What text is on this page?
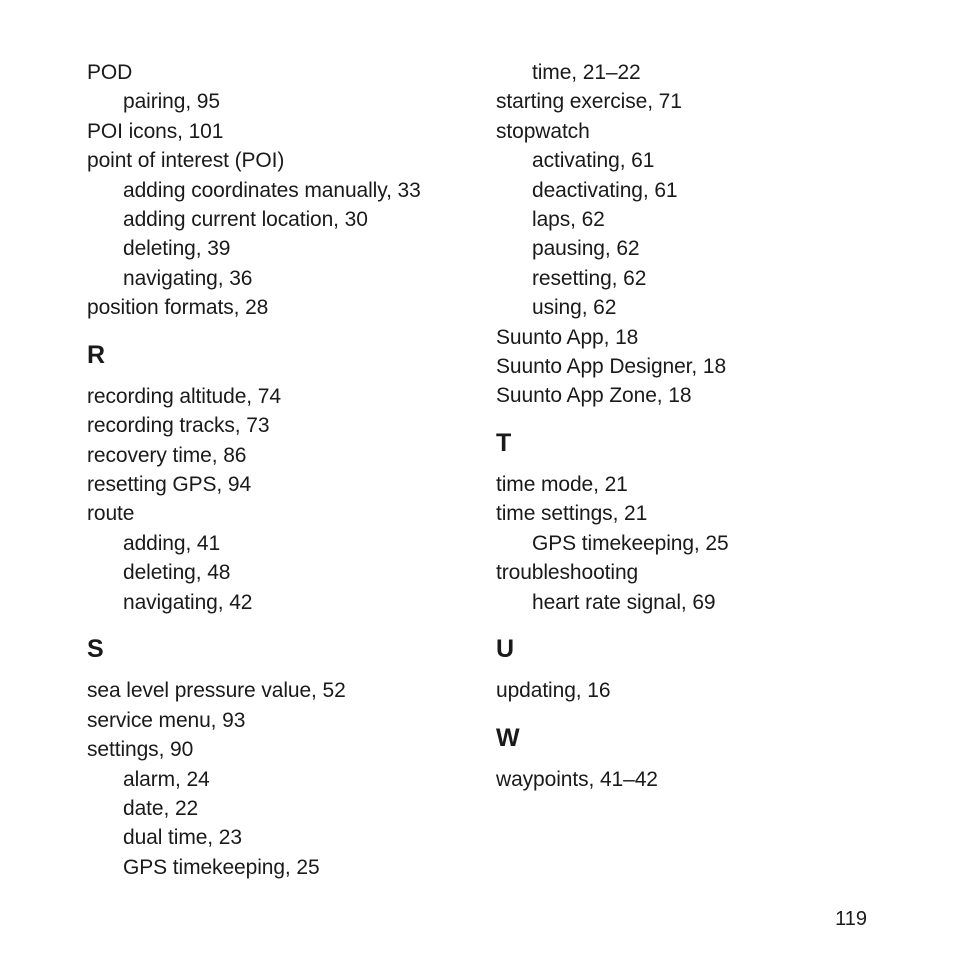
POD
pairing, 95
POI icons, 101
point of interest (POI)
adding coordinates manually, 33
adding current location, 30
deleting, 39
navigating, 36
position formats, 28
R
recording altitude, 74
recording tracks, 73
recovery time, 86
resetting GPS, 94
route
adding, 41
deleting, 48
navigating, 42
S
sea level pressure value, 52
service menu, 93
settings, 90
alarm, 24
date, 22
dual time, 23
GPS timekeeping, 25
time, 21–22
starting exercise, 71
stopwatch
activating, 61
deactivating, 61
laps, 62
pausing, 62
resetting, 62
using, 62
Suunto App, 18
Suunto App Designer, 18
Suunto App Zone, 18
T
time mode, 21
time settings, 21
GPS timekeeping, 25
troubleshooting
heart rate signal, 69
U
updating, 16
W
waypoints, 41–42
119
